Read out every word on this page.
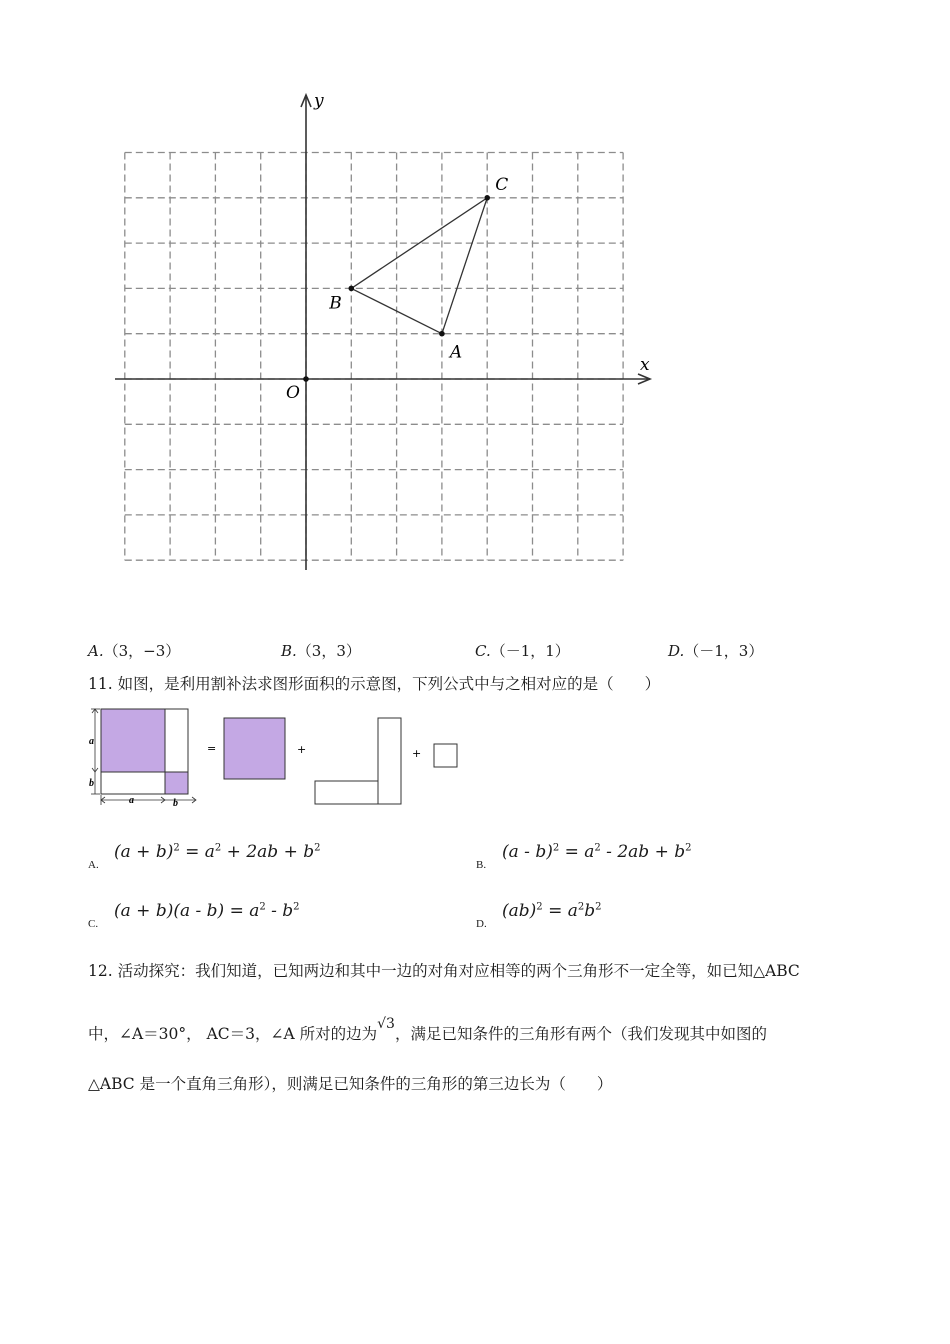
A
B
C
x
y
O
A.（3，−3）	B.（3，3）	C.（－1，1）	D.（－1，3）
11. 如图，是利用割补法求图形面积的示意图，下列公式中与之相对应的是（　　）
a
b
a	b
=	+	+
A.
$(a + b)^2 = a^2 + 2ab + b^2$
B.
$(a - b)^2 = a^2 - 2ab + b^2$
C.
$(a + b)(a - b) = a^2 - b^2$
D.
$(ab)^2 = a^2b^2$
12. 活动探究：我们知道，已知两边和其中一边的对角对应相等的两个三角形不一定全等，如已知△ABC
中，∠A＝30°， AC＝3，∠A 所对的边为√3，满足已知条件的三角形有两个（我们发现其中如图的
△ABC 是一个直角三角形），则满足已知条件的三角形的第三边长为（　　）
